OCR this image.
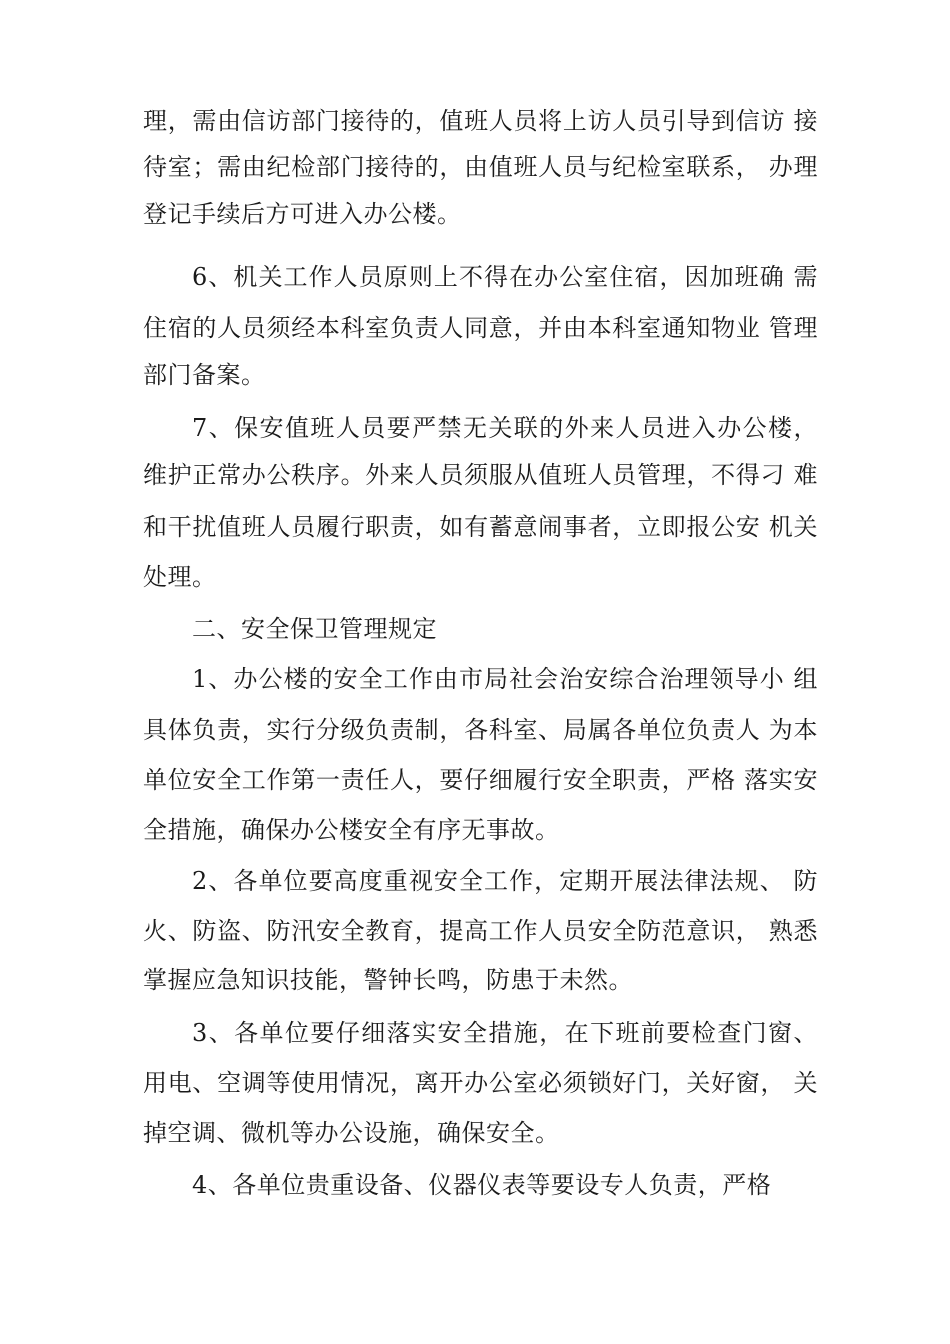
理，需由信访部门接待的，值班人员将上访人员引导到信访 接
待室；需由纪检部门接待的，由值班人员与纪检室联系， 办理
登记手续后方可进入办公楼。
6、机关工作人员原则上不得在办公室住宿，因加班确 需
住宿的人员须经本科室负责人同意，并由本科室通知物业 管理
部门备案。
7、保安值班人员要严禁无关联的外来人员进入办公楼，
维护正常办公秩序。外来人员须服从值班人员管理，不得刁 难
和干扰值班人员履行职责，如有蓄意闹事者，立即报公安 机关
处理。
二、安全保卫管理规定
1、办公楼的安全工作由市局社会治安综合治理领导小 组
具体负责，实行分级负责制，各科室、局属各单位负责人 为本
单位安全工作第一责任人，要仔细履行安全职责，严格 落实安
全措施，确保办公楼安全有序无事故。
2、各单位要高度重视安全工作，定期开展法律法规、 防
火、防盗、防汛安全教育，提高工作人员安全防范意识， 熟悉
掌握应急知识技能，警钟长鸣，防患于未然。
3、各单位要仔细落实安全措施，在下班前要检查门窗、
用电、空调等使用情况，离开办公室必须锁好门，关好窗， 关
掉空调、微机等办公设施，确保安全。
4、各单位贵重设备、仪器仪表等要设专人负责，严格
